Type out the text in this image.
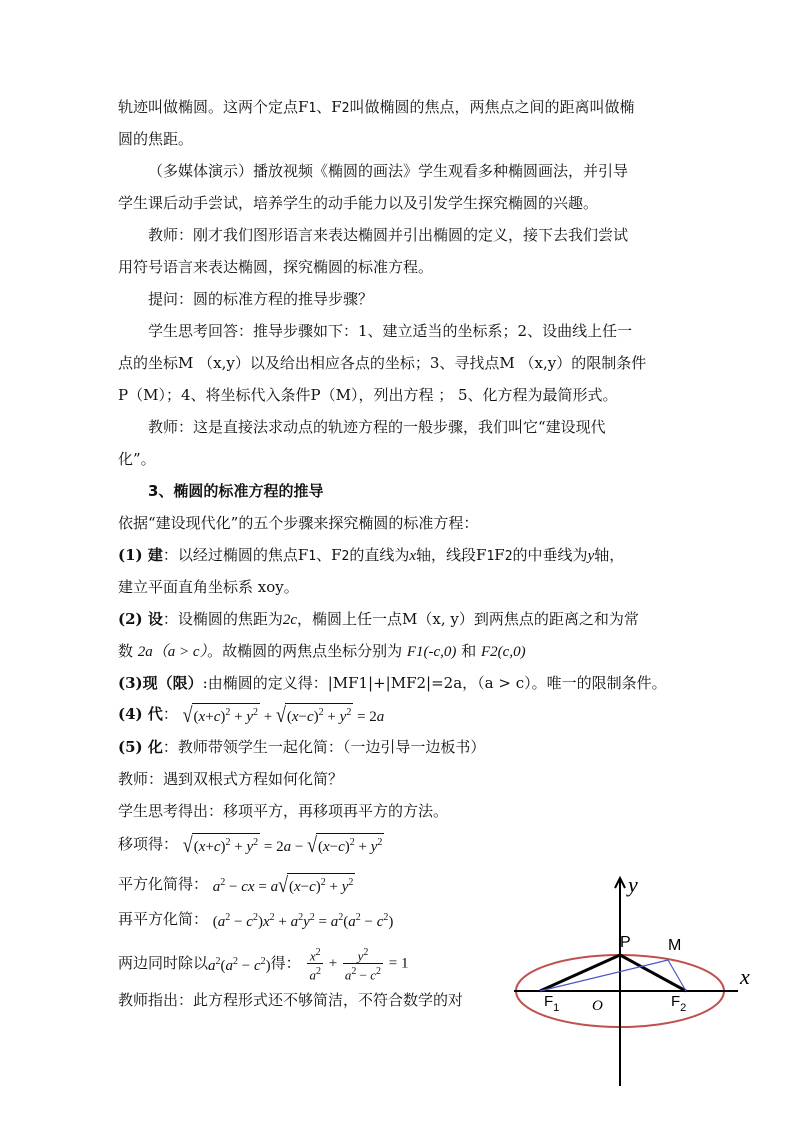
轨迹叫做椭圆。这两个定点F1、F2叫做椭圆的焦点，两焦点之间的距离叫做椭
圆的焦距。
（多媒体演示）播放视频《椭圆的画法》学生观看多种椭圆画法，并引导
学生课后动手尝试，培养学生的动手能力以及引发学生探究椭圆的兴趣。
教师：刚才我们图形语言来表达椭圆并引出椭圆的定义，接下去我们尝试
用符号语言来表达椭圆，探究椭圆的标准方程。
提问：圆的标准方程的推导步骤？
学生思考回答：推导步骤如下：1、建立适当的坐标系；2、设曲线上任一
点的坐标M （x,y）以及给出相应各点的坐标；3、寻找点M （x,y）的限制条件
P（M）；4、将坐标代入条件P（M），列出方程 ； 5、化方程为最简形式。
教师：这是直接法求动点的轨迹方程的一般步骤，我们叫它“建设现代
化”。
3、椭圆的标准方程的推导
依据“建设现代化”的五个步骤来探究椭圆的标准方程：
(1) 建：以经过椭圆的焦点F1、F2的直线为x轴，线段F1F2的中垂线为y轴，
建立平面直角坐标系 xoy。
(2) 设：设椭圆的焦距为2c，椭圆上任一点M（x, y）到两焦点的距离之和为常
数 2a（a > c）。故椭圆的两焦点坐标分别为 F1(-c,0) 和 F2(c,0)
(3)现（限）:由椭圆的定义得：|MF1|+|MF2|=2a，（a > c）。唯一的限制条件。
(4) 代： $√(x+c)^2 + y^2 + √(x-c)^2 + y^2 = 2a$
(5) 化：教师带领学生一起化简：（一边引导一边板书）
教师：遇到双根式方程如何化简？
学生思考得出：移项平方，再移项再平方的方法。
移项得： $√(x+c)^2 + y^2 = 2a - √(x-c)^2 + y^2$
平方化简得： $a^2$ − cx = $a√(x-c)^2 + y^2$
再平方化简： $(a^2 - c^2)x^2 + a^2y^2 = a^2(a^2 - c^2)$
两边同时除以$a^2(a^2 - c^2)$得： $\frac{x^2}{a^2} + \frac{y^2}{a^2 - c^2} = 1$
教师指出：此方程形式还不够简洁，不符合数学的对
y
x
P M
O
$F_1$	$F_2$
